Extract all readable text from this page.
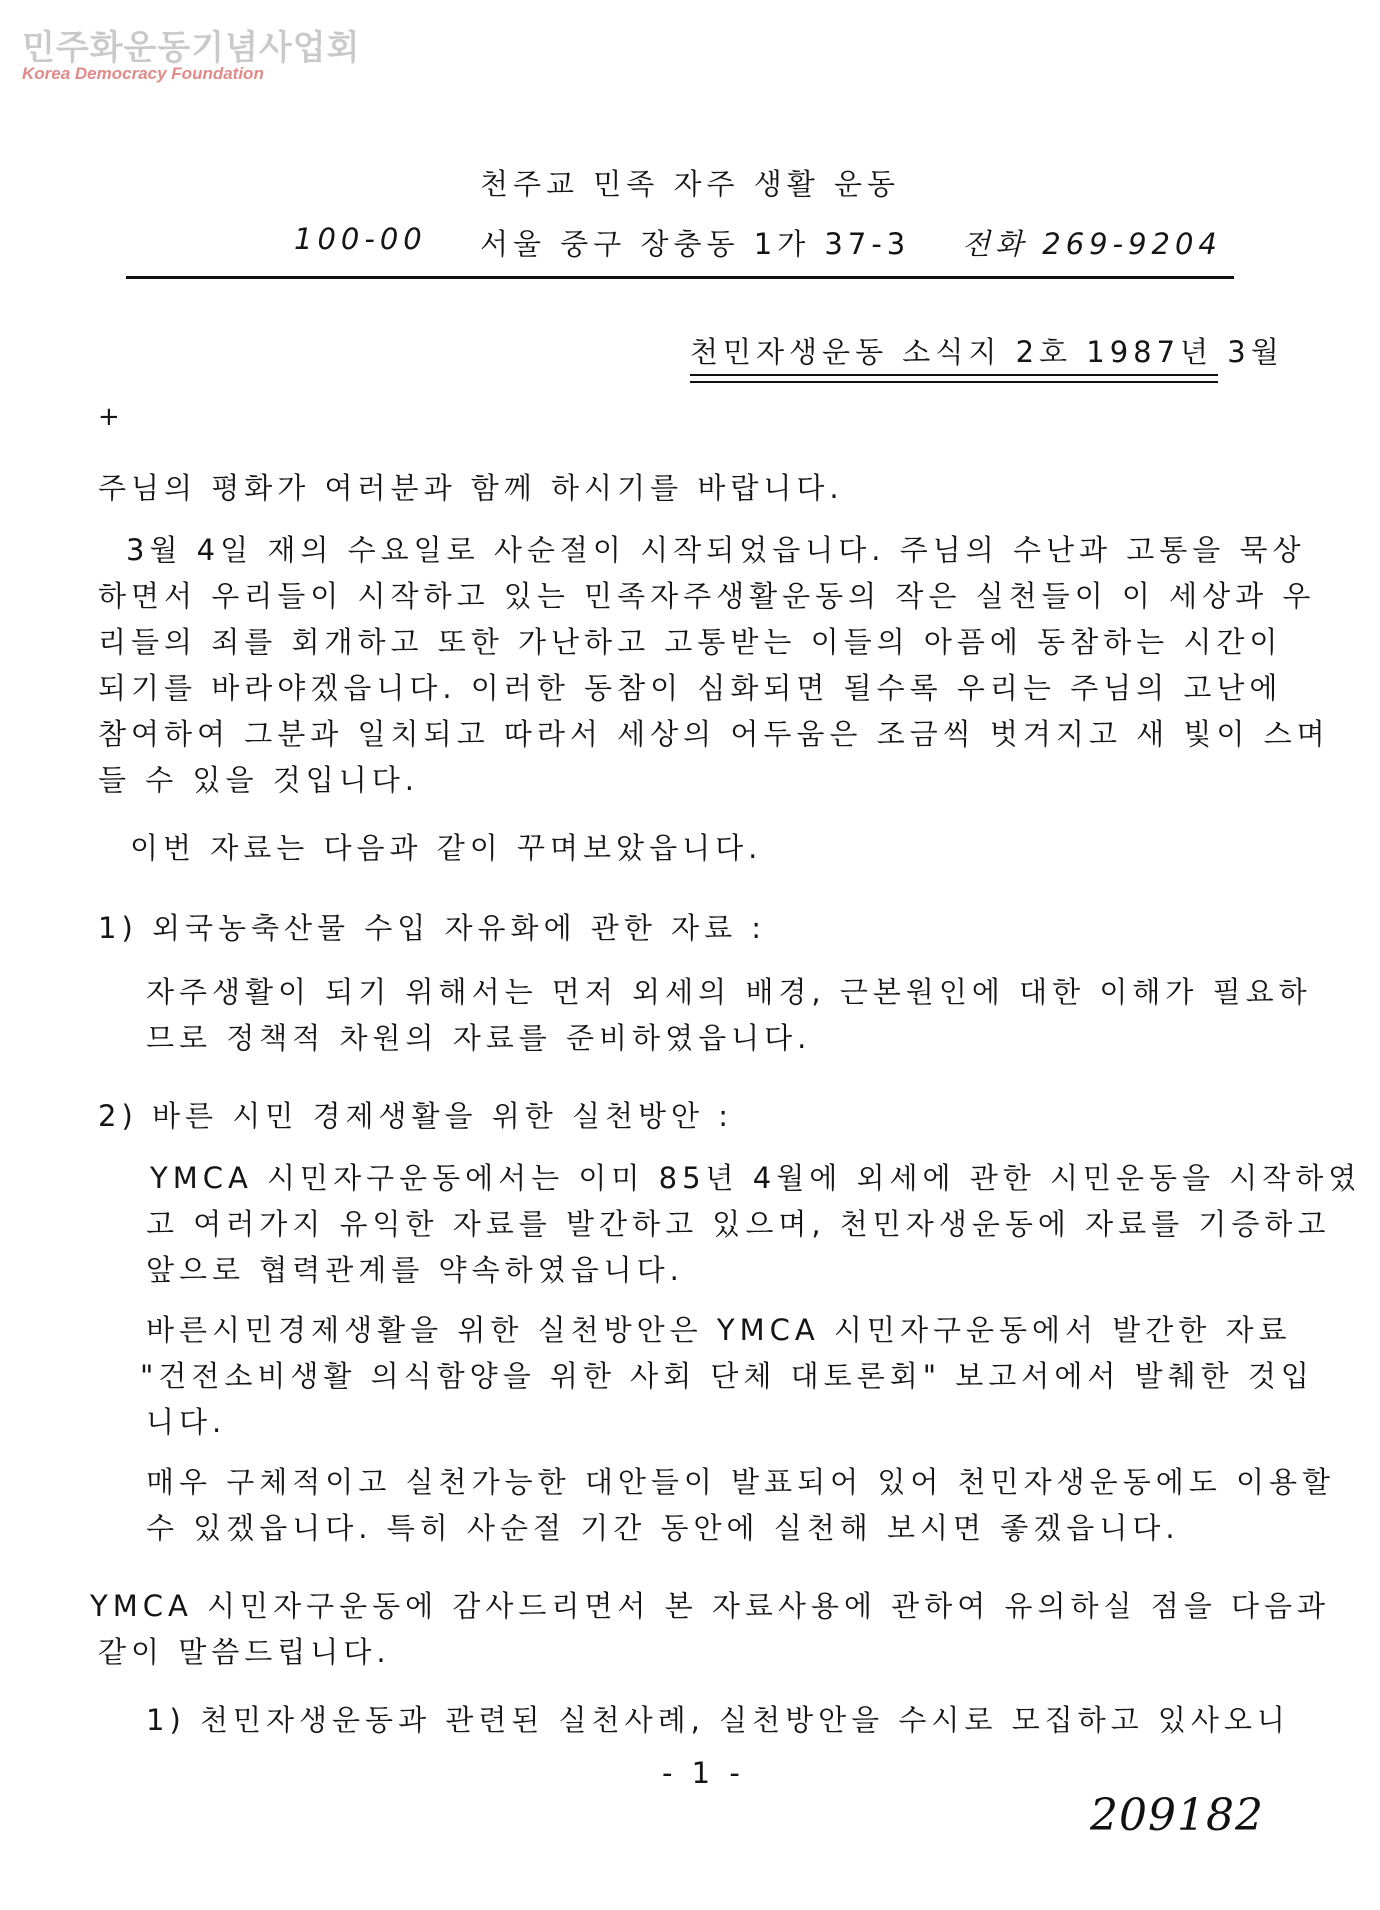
민주화운동기념사업회
Korea Democracy Foundation
천주교 민족 자주 생활 운동
100-00 서울 중구 장충동 1가 37-3 전화 269-9204
천민자생운동 소식지 2호 1987년 3월
+
주님의 평화가 여러분과 함께 하시기를 바랍니다.
3월 4일 재의 수요일로 사순절이 시작되었읍니다. 주님의 수난과 고통을 묵상
하면서 우리들이 시작하고 있는 민족자주생활운동의 작은 실천들이 이 세상과 우
리들의 죄를 회개하고 또한 가난하고 고통받는 이들의 아픔에 동참하는 시간이
되기를 바라야겠읍니다. 이러한 동참이 심화되면 될수록 우리는 주님의 고난에
참여하여 그분과 일치되고 따라서 세상의 어두움은 조금씩 벗겨지고 새 빛이 스며
들 수 있을 것입니다.
이번 자료는 다음과 같이 꾸며보았읍니다.
1) 외국농축산물 수입 자유화에 관한 자료 :
자주생활이 되기 위해서는 먼저 외세의 배경, 근본원인에 대한 이해가 필요하
므로 정책적 차원의 자료를 준비하였읍니다.
2) 바른 시민 경제생활을 위한 실천방안 :
YMCA 시민자구운동에서는 이미 85년 4월에 외세에 관한 시민운동을 시작하였
고 여러가지 유익한 자료를 발간하고 있으며, 천민자생운동에 자료를 기증하고
앞으로 협력관계를 약속하였읍니다.
바른시민경제생활을 위한 실천방안은 YMCA 시민자구운동에서 발간한 자료
"건전소비생활 의식함양을 위한 사회 단체 대토론회" 보고서에서 발췌한 것입
니다.
매우 구체적이고 실천가능한 대안들이 발표되어 있어 천민자생운동에도 이용할
수 있겠읍니다. 특히 사순절 기간 동안에 실천해 보시면 좋겠읍니다.
YMCA 시민자구운동에 감사드리면서 본 자료사용에 관하여 유의하실 점을 다음과
같이 말씀드립니다.
1) 천민자생운동과 관련된 실천사례, 실천방안을 수시로 모집하고 있사오니
- 1 -
209182
